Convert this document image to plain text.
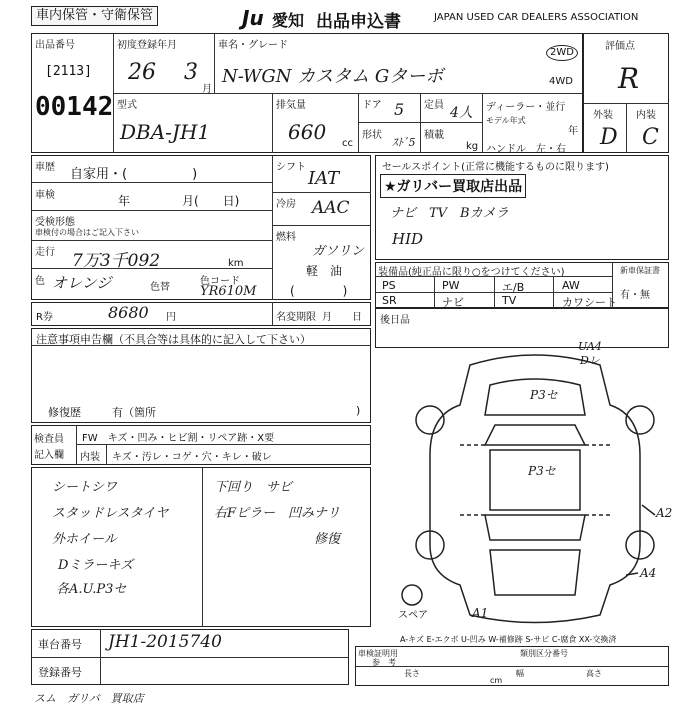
車内保管・守衛保管	Ju 愛知 出品申込書	JAPAN USED CAR DEALERS ASSOCIATION
出品番号
[2113]
00142
初度登録年月
26 3
月
車名・グレード
N-WGN カスタム Gターボ
2WD
4WD
評価点
R
外装 内装
D C
型式
DBA-JH1
排気量
660 cc
ドア 5 定員 4人 ディーラー・並行
形状
ｽﾄﾞ5
積載
kg
モデル年式
年
ハンドル　左・右
車歴 自家用・(　　　　　)
車検	年	月(　　日)
受検形態
車検付の場合はご記入下さい
走行 7万3千092	km
色 オレンジ	色替
色コード
YR610M
シフト
IAT
冷房 AAC
燃料
ガソリン
軽　油
(　　　　)
セールスポイント(正常に機能するものに限ります)
★ガリバー買取店出品
ナビ　TV　Bカメラ
HID
装備品(純正品に限り○をつけてください)
PS	PW	エ/B	AW
SR	ナビ	TV	カワシート
新車保証書
有・無
後日品
R券	8680 円	名変期限 月　　日
注意事項申告欄（不具合等は具体的に記入して下さい）
修復歴	有（箇所	)
検査員
記入欄
FW　キズ・凹み・ヒビ割・リペア跡・X要
内装 キズ・汚レ・コゲ・穴・キレ・破レ
シートシワ	下回り　サビ
スタッドレスタイヤ	右Fピラー　凹みナリ
外ホイール	修復
Dミラーキズ
各A.U.P3セ
UA4
Dレ
P3セ
P3セ
A2
A4
A1
スペア
A-キズ E-エクボ U-凹み W-補修跡 S-サビ C-腐食 XX-交換済
車台番号 JH1-2015740
登録番号
車検証明用
参　考
類別区分番号
長さ
cm
幅	高さ
スム　ガリバ　買取店
